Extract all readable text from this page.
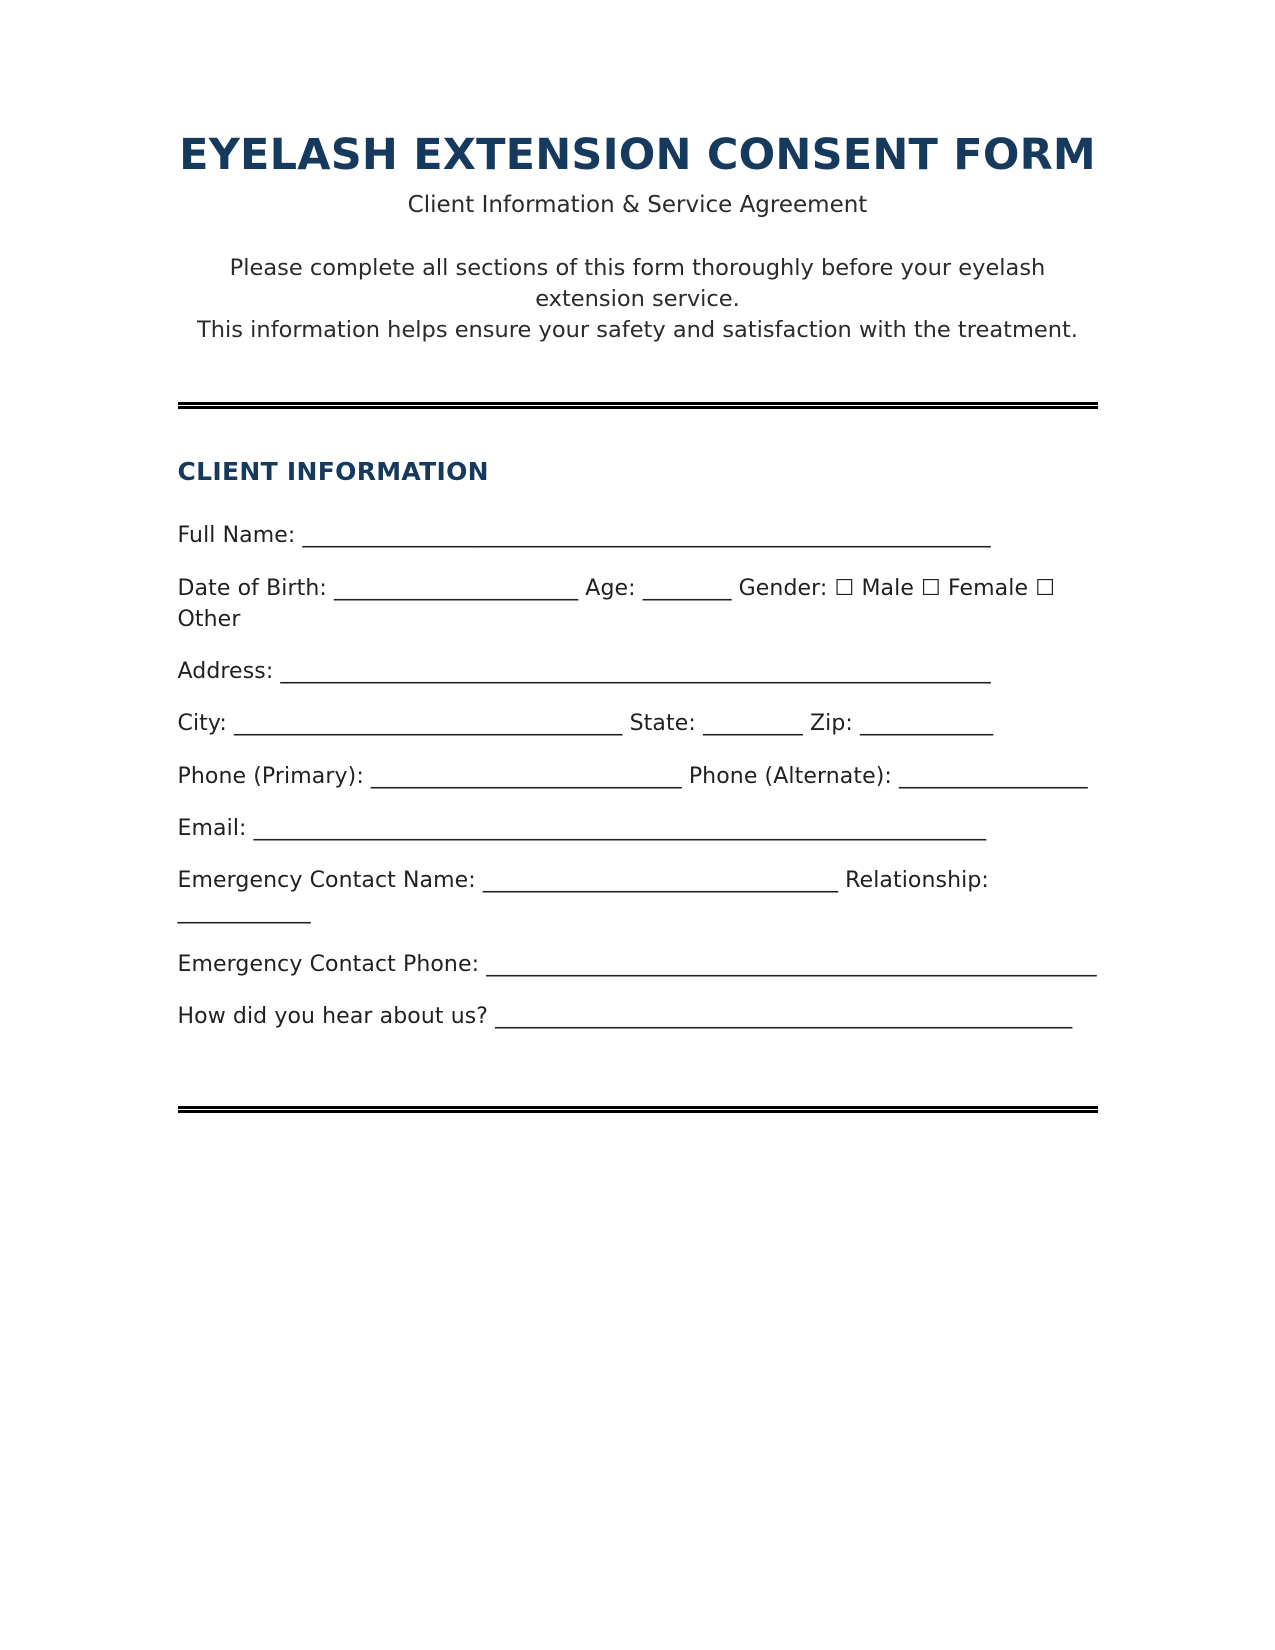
EYELASH EXTENSION CONSENT FORM
Client Information & Service Agreement
Please complete all sections of this form thoroughly before your eyelash extension service.
This information helps ensure your safety and satisfaction with the treatment.
CLIENT INFORMATION
Full Name: ______________________________________________________________
Date of Birth: ______________________ Age: ________ Gender: ☐ Male ☐ Female ☐ Other
Address: ________________________________________________________________
City: ___________________________________ State: _________ Zip: ____________
Phone (Primary): ____________________________ Phone (Alternate): _________________
Email: __________________________________________________________________
Emergency Contact Name: ________________________________ Relationship: ____________
Emergency Contact Phone: _______________________________________________________
How did you hear about us? ____________________________________________________
